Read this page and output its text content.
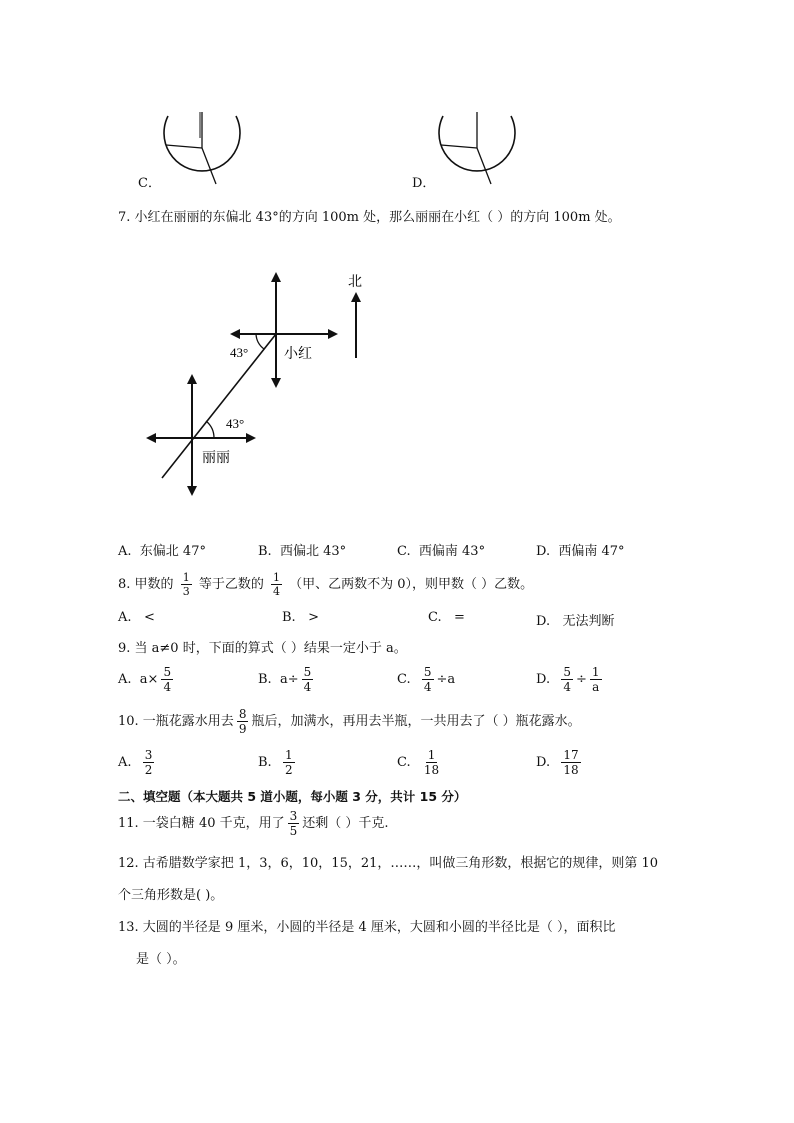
C．	D．
7. 小红在丽丽的东偏北 43°的方向 100m 处，那么丽丽在小红（ ）的方向 100m 处。
北
小红
丽丽
43°
43°
A. 东偏北 47°	B. 西偏北 43°	C. 西偏南 43°	D. 西偏南 47°
8. 甲数的 $\frac{1}{3}$ 等于乙数的 $\frac{1}{4}$ （甲、乙两数不为 0），则甲数（ ）乙数。
A. <	B. >	C. =	D. 无法判断
9. 当 a≠0 时，下面的算式（ ）结果一定小于 a。
A. $a\times \frac{5}{4}$	B. $a\div \frac{5}{4}$	C. $\frac{5}{4} \div a$	D. $\frac{5}{4} \div \frac{1}{a}$
10. 一瓶花露水用去 $\frac{8}{9}$ 瓶后，加满水，再用去半瓶，一共用去了（ ）瓶花露水。
A. $\frac{3}{2}$	B. $\frac{1}{2}$	C. $\frac{1}{18}$	D. $\frac{17}{18}$
二、填空题（本大题共 5 道小题，每小题 3 分，共计 15 分）
11. 一袋白糖 40 千克，用了 $\frac{3}{5}$ 还剩（ ）千克.
12. 古希腊数学家把 1，3，6，10，15，21，……，叫做三角形数，根据它的规律，则第 10
个三角形数是( )。
13. 大圆的半径是 9 厘米，小圆的半径是 4 厘米，大圆和小圆的半径比是（ ），面积比
是（ ）。
